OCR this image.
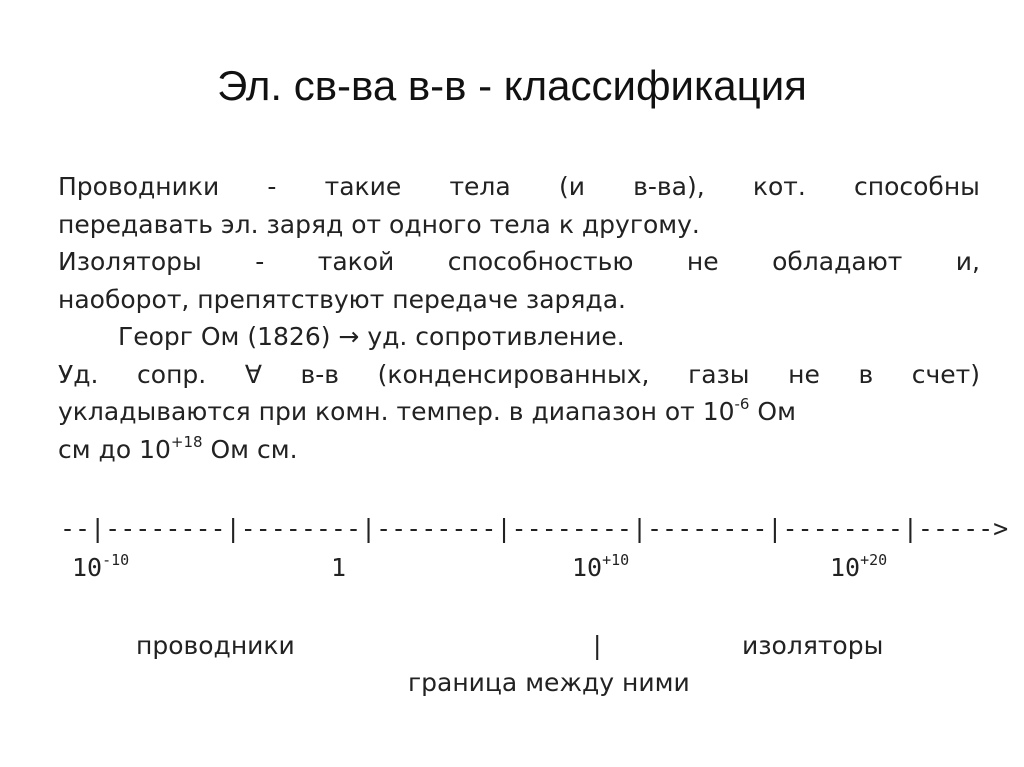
Эл. св-ва в-в - классификация
Проводники - такие тела (и в-ва), кот. способны
передавать эл. заряд от одного тела к другому.
Изоляторы - такой способностью не обладают и,
наоборот, препятствуют передаче заряда.
Георг Ом (1826) → уд. сопротивление.
Уд. сопр. ∀ в-в (конденсированных, газы не в счет)
укладываются при комн. темпер. в диапазон от $10^{-6}$ Ом
см до $10^{+18}$ Ом см.
--|--------|--------|--------|--------|--------|--------|----->
$10^{-10}$	1	$10^{+10}$	$10^{+20}$
проводники	|	изоляторы
граница между ними
